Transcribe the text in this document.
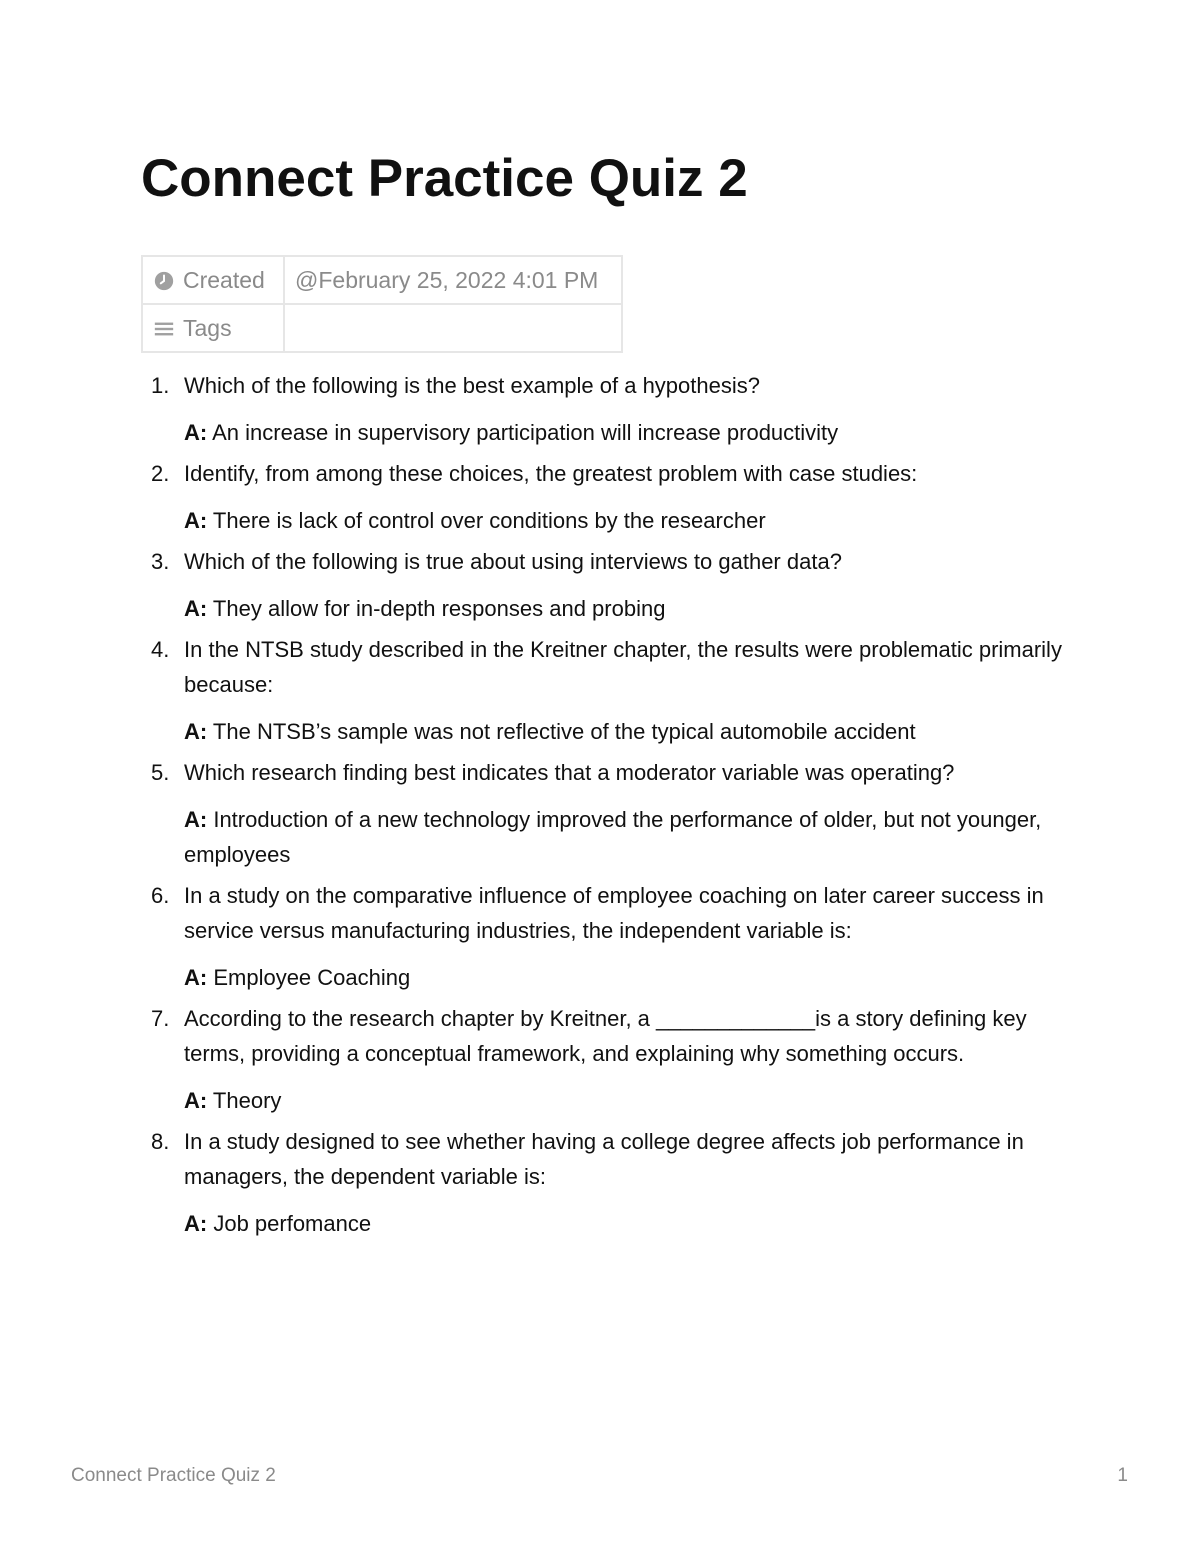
Connect Practice Quiz 2
Created	@February 25, 2022 4:01 PM
Tags	
1. Which of the following is the best example of a hypothesis?
A: An increase in supervisory participation will increase productivity
2. Identify, from among these choices, the greatest problem with case studies:
A: There is lack of control over conditions by the researcher
3. Which of the following is true about using interviews to gather data?
A: They allow for in-depth responses and probing
4. In the NTSB study described in the Kreitner chapter, the results were problematic primarily because:
A: The NTSB’s sample was not reflective of the typical automobile accident
5. Which research finding best indicates that a moderator variable was operating?
A: Introduction of a new technology improved the performance of older, but not younger, employees
6. In a study on the comparative influence of employee coaching on later career success in service versus manufacturing industries, the independent variable is:
A: Employee Coaching
7. According to the research chapter by Kreitner, a _____________is a story defining key terms, providing a conceptual framework, and explaining why something occurs.
A: Theory
8. In a study designed to see whether having a college degree affects job performance in managers, the dependent variable is:
A: Job perfomance
Connect Practice Quiz 2	1
